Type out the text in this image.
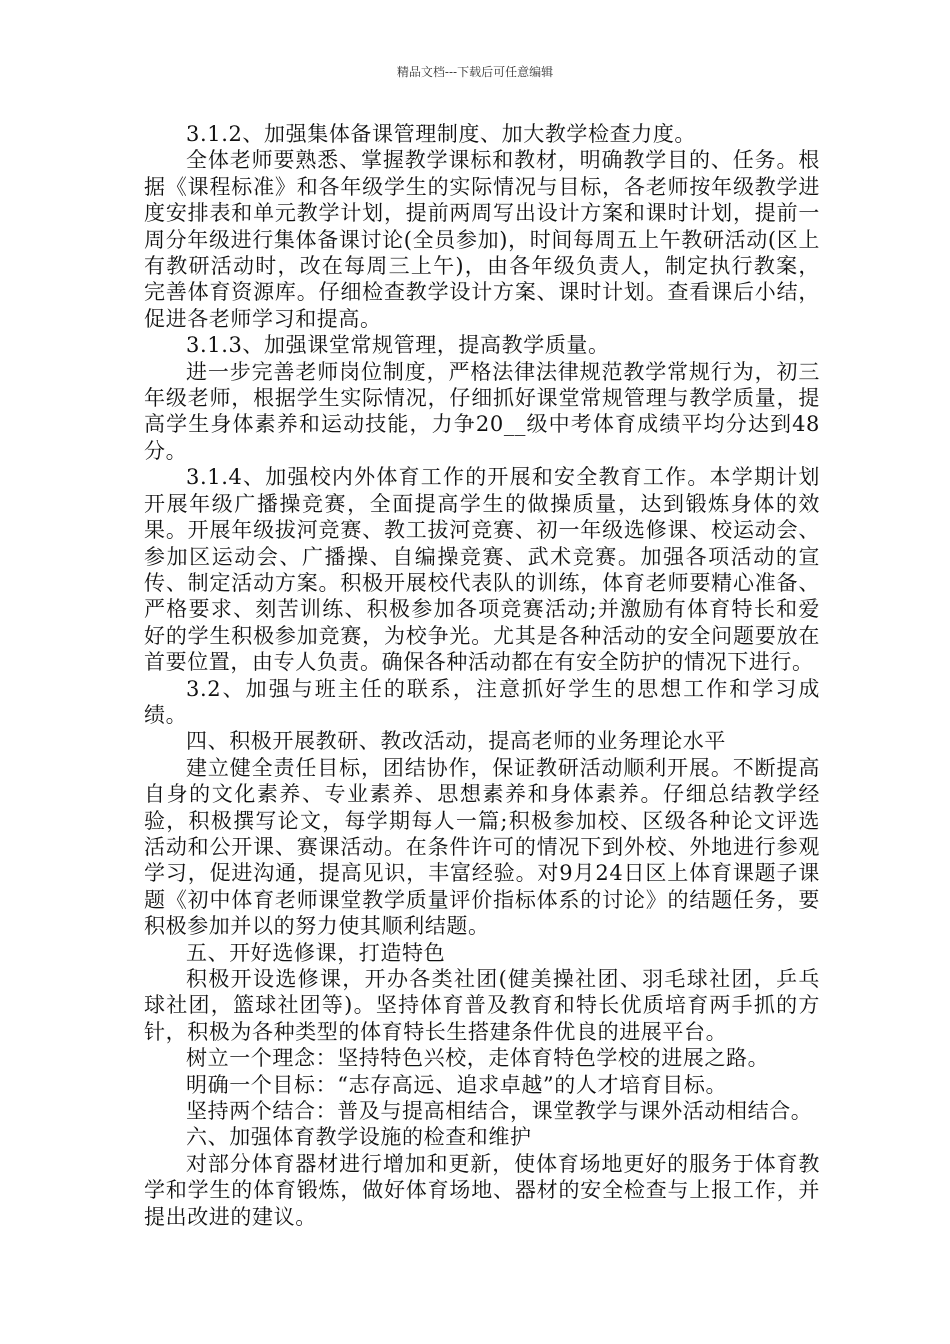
精品文档---下载后可任意编辑

3.1.2、加强集体备课管理制度、加大教学检查力度。

全体老师要熟悉、掌握教学课标和教材，明确教学目的、任务。根据《课程标准》和各年级学生的实际情况与目标，各老师按年级教学进度安排表和单元教学计划，提前两周写出设计方案和课时计划，提前一周分年级进行集体备课讨论(全员参加)，时间每周五上午教研活动(区上有教研活动时，改在每周三上午)，由各年级负责人，制定执行教案，完善体育资源库。仔细检查教学设计方案、课时计划。查看课后小结，促进各老师学习和提高。

3.1.3、加强课堂常规管理，提高教学质量。

进一步完善老师岗位制度，严格法律法律规范教学常规行为，初三年级老师，根据学生实际情况，仔细抓好课堂常规管理与教学质量，提高学生身体素养和运动技能，力争20__级中考体育成绩平均分达到48分。

3.1.4、加强校内外体育工作的开展和安全教育工作。本学期计划开展年级广播操竞赛，全面提高学生的做操质量，达到锻炼身体的效果。开展年级拔河竞赛、教工拔河竞赛、初一年级选修课、校运动会、参加区运动会、广播操、自编操竞赛、武术竞赛。加强各项活动的宣传、制定活动方案。积极开展校代表队的训练，体育老师要精心准备、严格要求、刻苦训练、积极参加各项竞赛活动;并激励有体育特长和爱好的学生积极参加竞赛，为校争光。尤其是各种活动的安全问题要放在首要位置，由专人负责。确保各种活动都在有安全防护的情况下进行。

3.2、加强与班主任的联系，注意抓好学生的思想工作和学习成绩。

四、积极开展教研、教改活动，提高老师的业务理论水平

建立健全责任目标，团结协作，保证教研活动顺利开展。不断提高自身的文化素养、专业素养、思想素养和身体素养。仔细总结教学经验，积极撰写论文，每学期每人一篇;积极参加校、区级各种论文评选活动和公开课、赛课活动。在条件许可的情况下到外校、外地进行参观学习，促进沟通，提高见识，丰富经验。对9月24日区上体育课题子课题《初中体育老师课堂教学质量评价指标体系的讨论》的结题任务，要积极参加并以的努力使其顺利结题。

五、开好选修课，打造特色

积极开设选修课，开办各类社团(健美操社团、羽毛球社团，乒乓球社团，篮球社团等)。坚持体育普及教育和特长优质培育两手抓的方针，积极为各种类型的体育特长生搭建条件优良的进展平台。

树立一个理念：坚持特色兴校，走体育特色学校的进展之路。

明确一个目标：“志存高远、追求卓越”的人才培育目标。

坚持两个结合：普及与提高相结合，课堂教学与课外活动相结合。

六、加强体育教学设施的检查和维护

对部分体育器材进行增加和更新，使体育场地更好的服务于体育教学和学生的体育锻炼，做好体育场地、器材的安全检查与上报工作，并提出改进的建议。
